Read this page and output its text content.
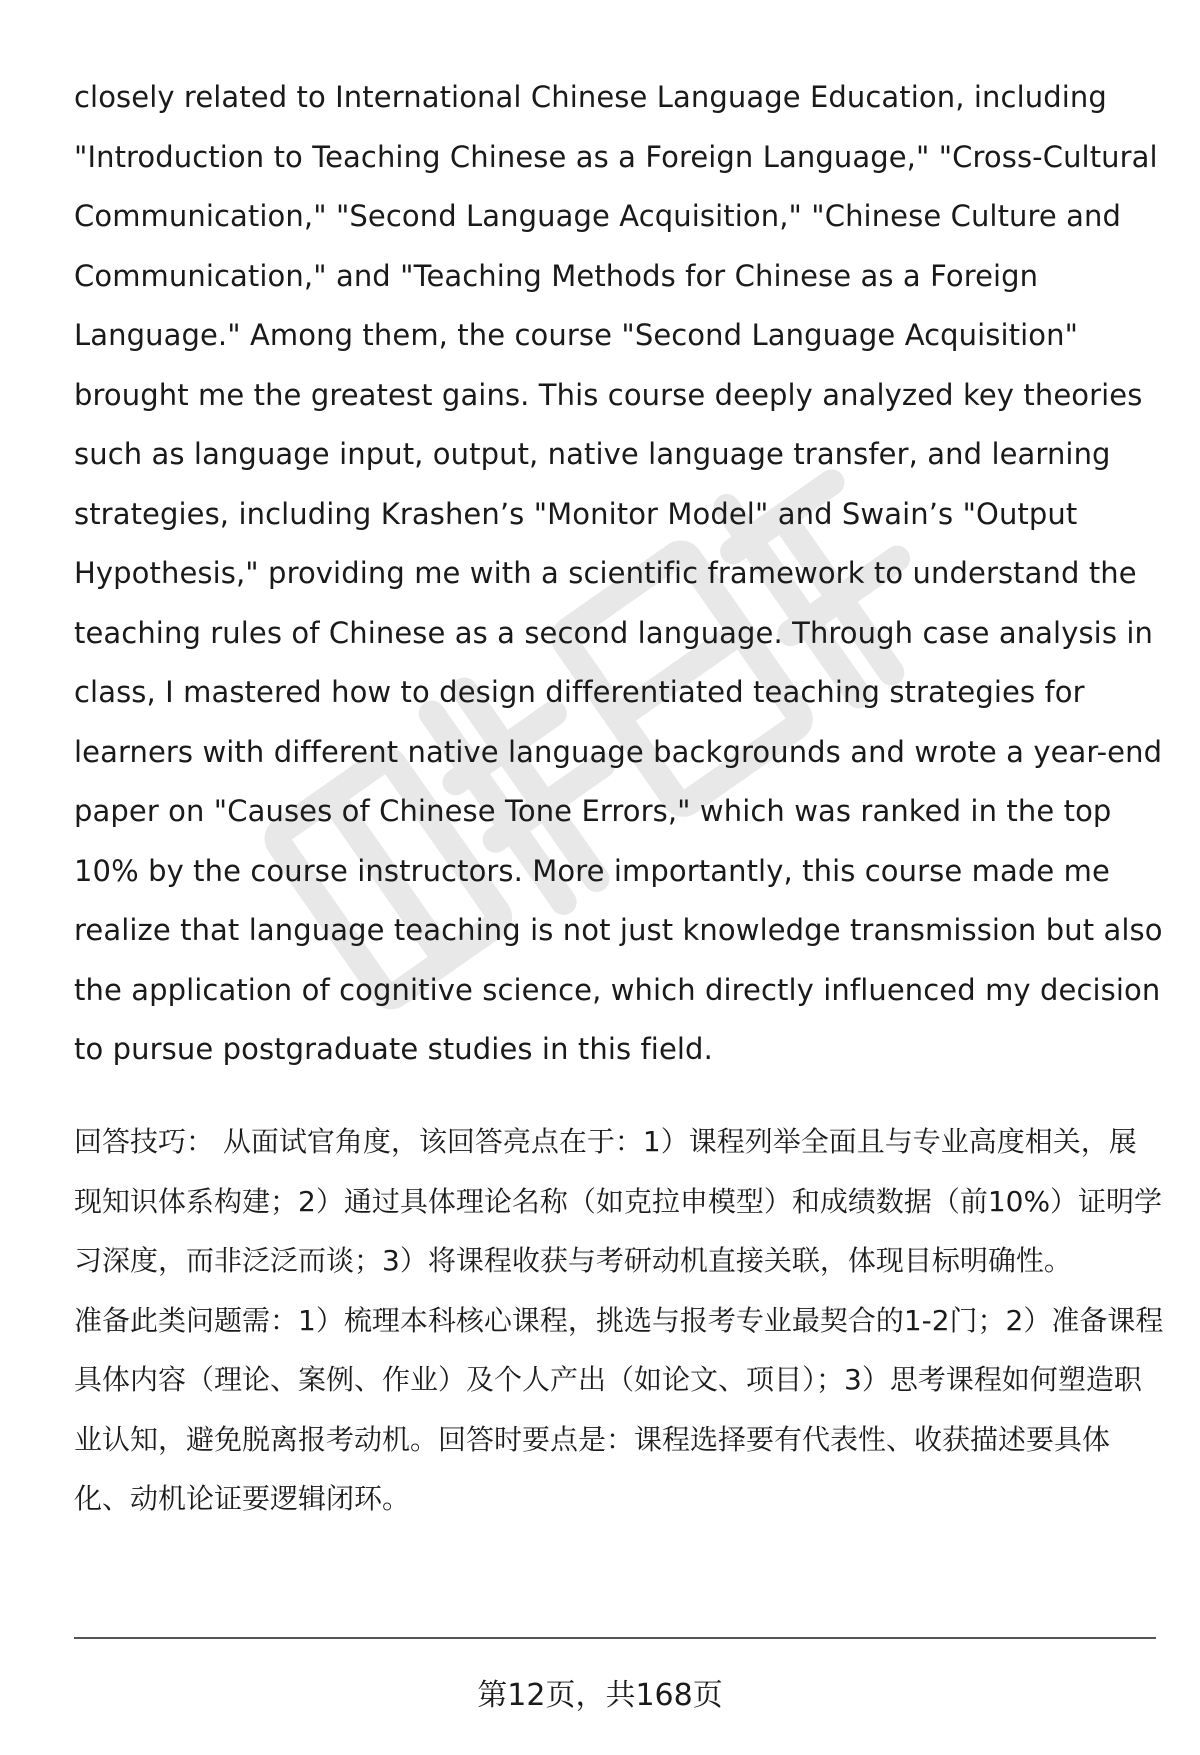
closely related to International Chinese Language Education, including "Introduction to Teaching Chinese as a Foreign Language," "Cross-Cultural Communication," "Second Language Acquisition," "Chinese Culture and Communication," and "Teaching Methods for Chinese as a Foreign Language." Among them, the course "Second Language Acquisition" brought me the greatest gains. This course deeply analyzed key theories such as language input, output, native language transfer, and learning strategies, including Krashen’s "Monitor Model" and Swain’s "Output Hypothesis," providing me with a scientific framework to understand the teaching rules of Chinese as a second language. Through case analysis in class, I mastered how to design differentiated teaching strategies for learners with different native language backgrounds and wrote a year-end paper on "Causes of Chinese Tone Errors," which was ranked in the top 10% by the course instructors. More importantly, this course made me realize that language teaching is not just knowledge transmission but also the application of cognitive science, which directly influenced my decision to pursue postgraduate studies in this field.

回答技巧： 从面试官角度，该回答亮点在于：1）课程列举全面且与专业高度相关，展现知识体系构建；2）通过具体理论名称（如克拉申模型）和成绩数据（前10%）证明学习深度，而非泛泛而谈；3）将课程收获与考研动机直接关联，体现目标明确性。

准备此类问题需：1）梳理本科核心课程，挑选与报考专业最契合的1-2门；2）准备课程具体内容（理论、案例、作业）及个人产出（如论文、项目）；3）思考课程如何塑造职业认知，避免脱离报考动机。回答时要点是：课程选择要有代表性、收获描述要具体化、动机论证要逻辑闭环。

第12页，共168页
